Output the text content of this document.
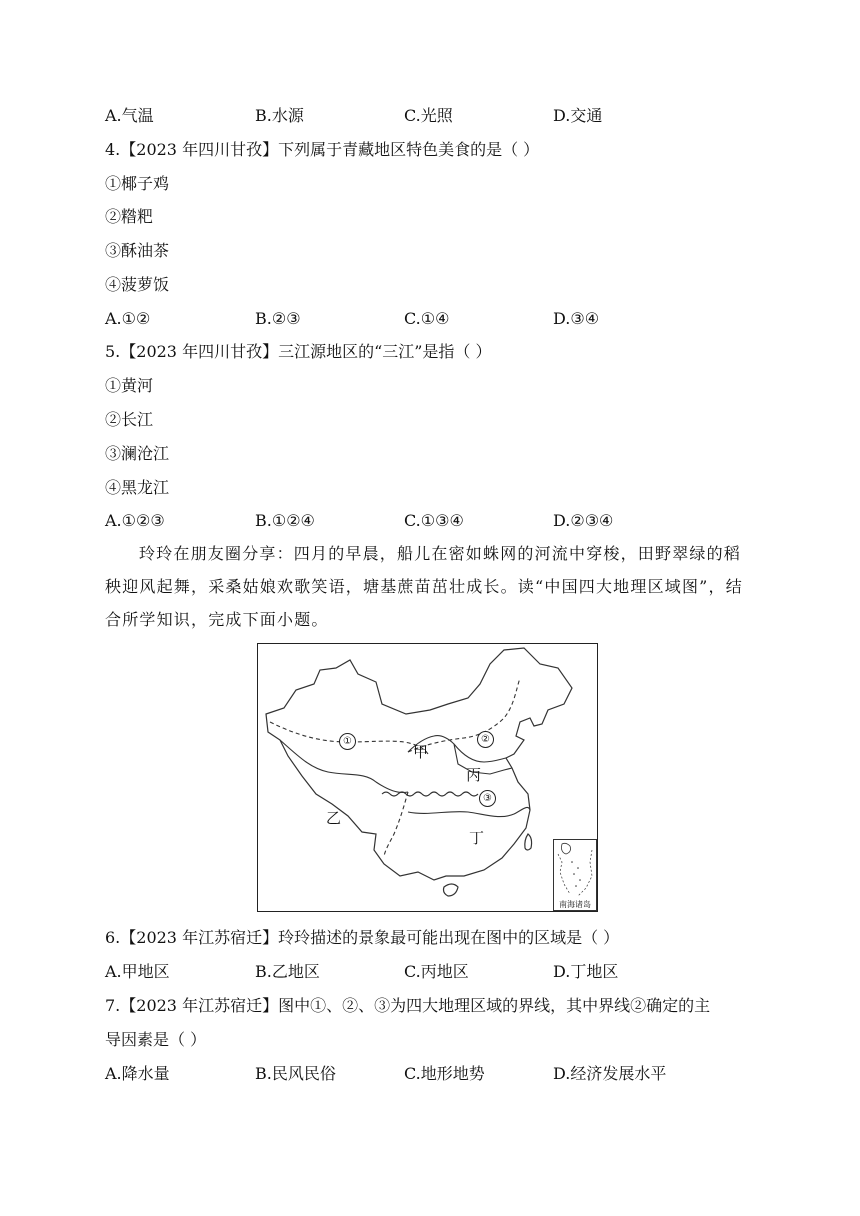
A.气温	B.水源	C.光照	D.交通
4.【2023 年四川甘孜】下列属于青藏地区特色美食的是（ ）
①椰子鸡
②糌粑
③酥油茶
④菠萝饭
A.①②	B.②③	C.①④	D.③④
5.【2023 年四川甘孜】三江源地区的“三江”是指（ ）
①黄河
②长江
③澜沧江
④黑龙江
A.①②③	B.①②④	C.①③④	D.②③④
玲玲在朋友圈分享：四月的早晨，船儿在密如蛛网的河流中穿梭，田野翠绿的稻秧迎风起舞，采桑姑娘欢歌笑语，塘基蔗苗茁壮成长。读“中国四大地理区域图”，结合所学知识，完成下面小题。
甲
乙
丙
丁
①	②
③
南海诸岛
6.【2023 年江苏宿迁】玲玲描述的景象最可能出现在图中的区域是（ ）
A.甲地区	B.乙地区	C.丙地区	D.丁地区
7.【2023 年江苏宿迁】图中①、②、③为四大地理区域的界线，其中界线②确定的主
导因素是（ ）
A.降水量	B.民风民俗	C.地形地势	D.经济发展水平
